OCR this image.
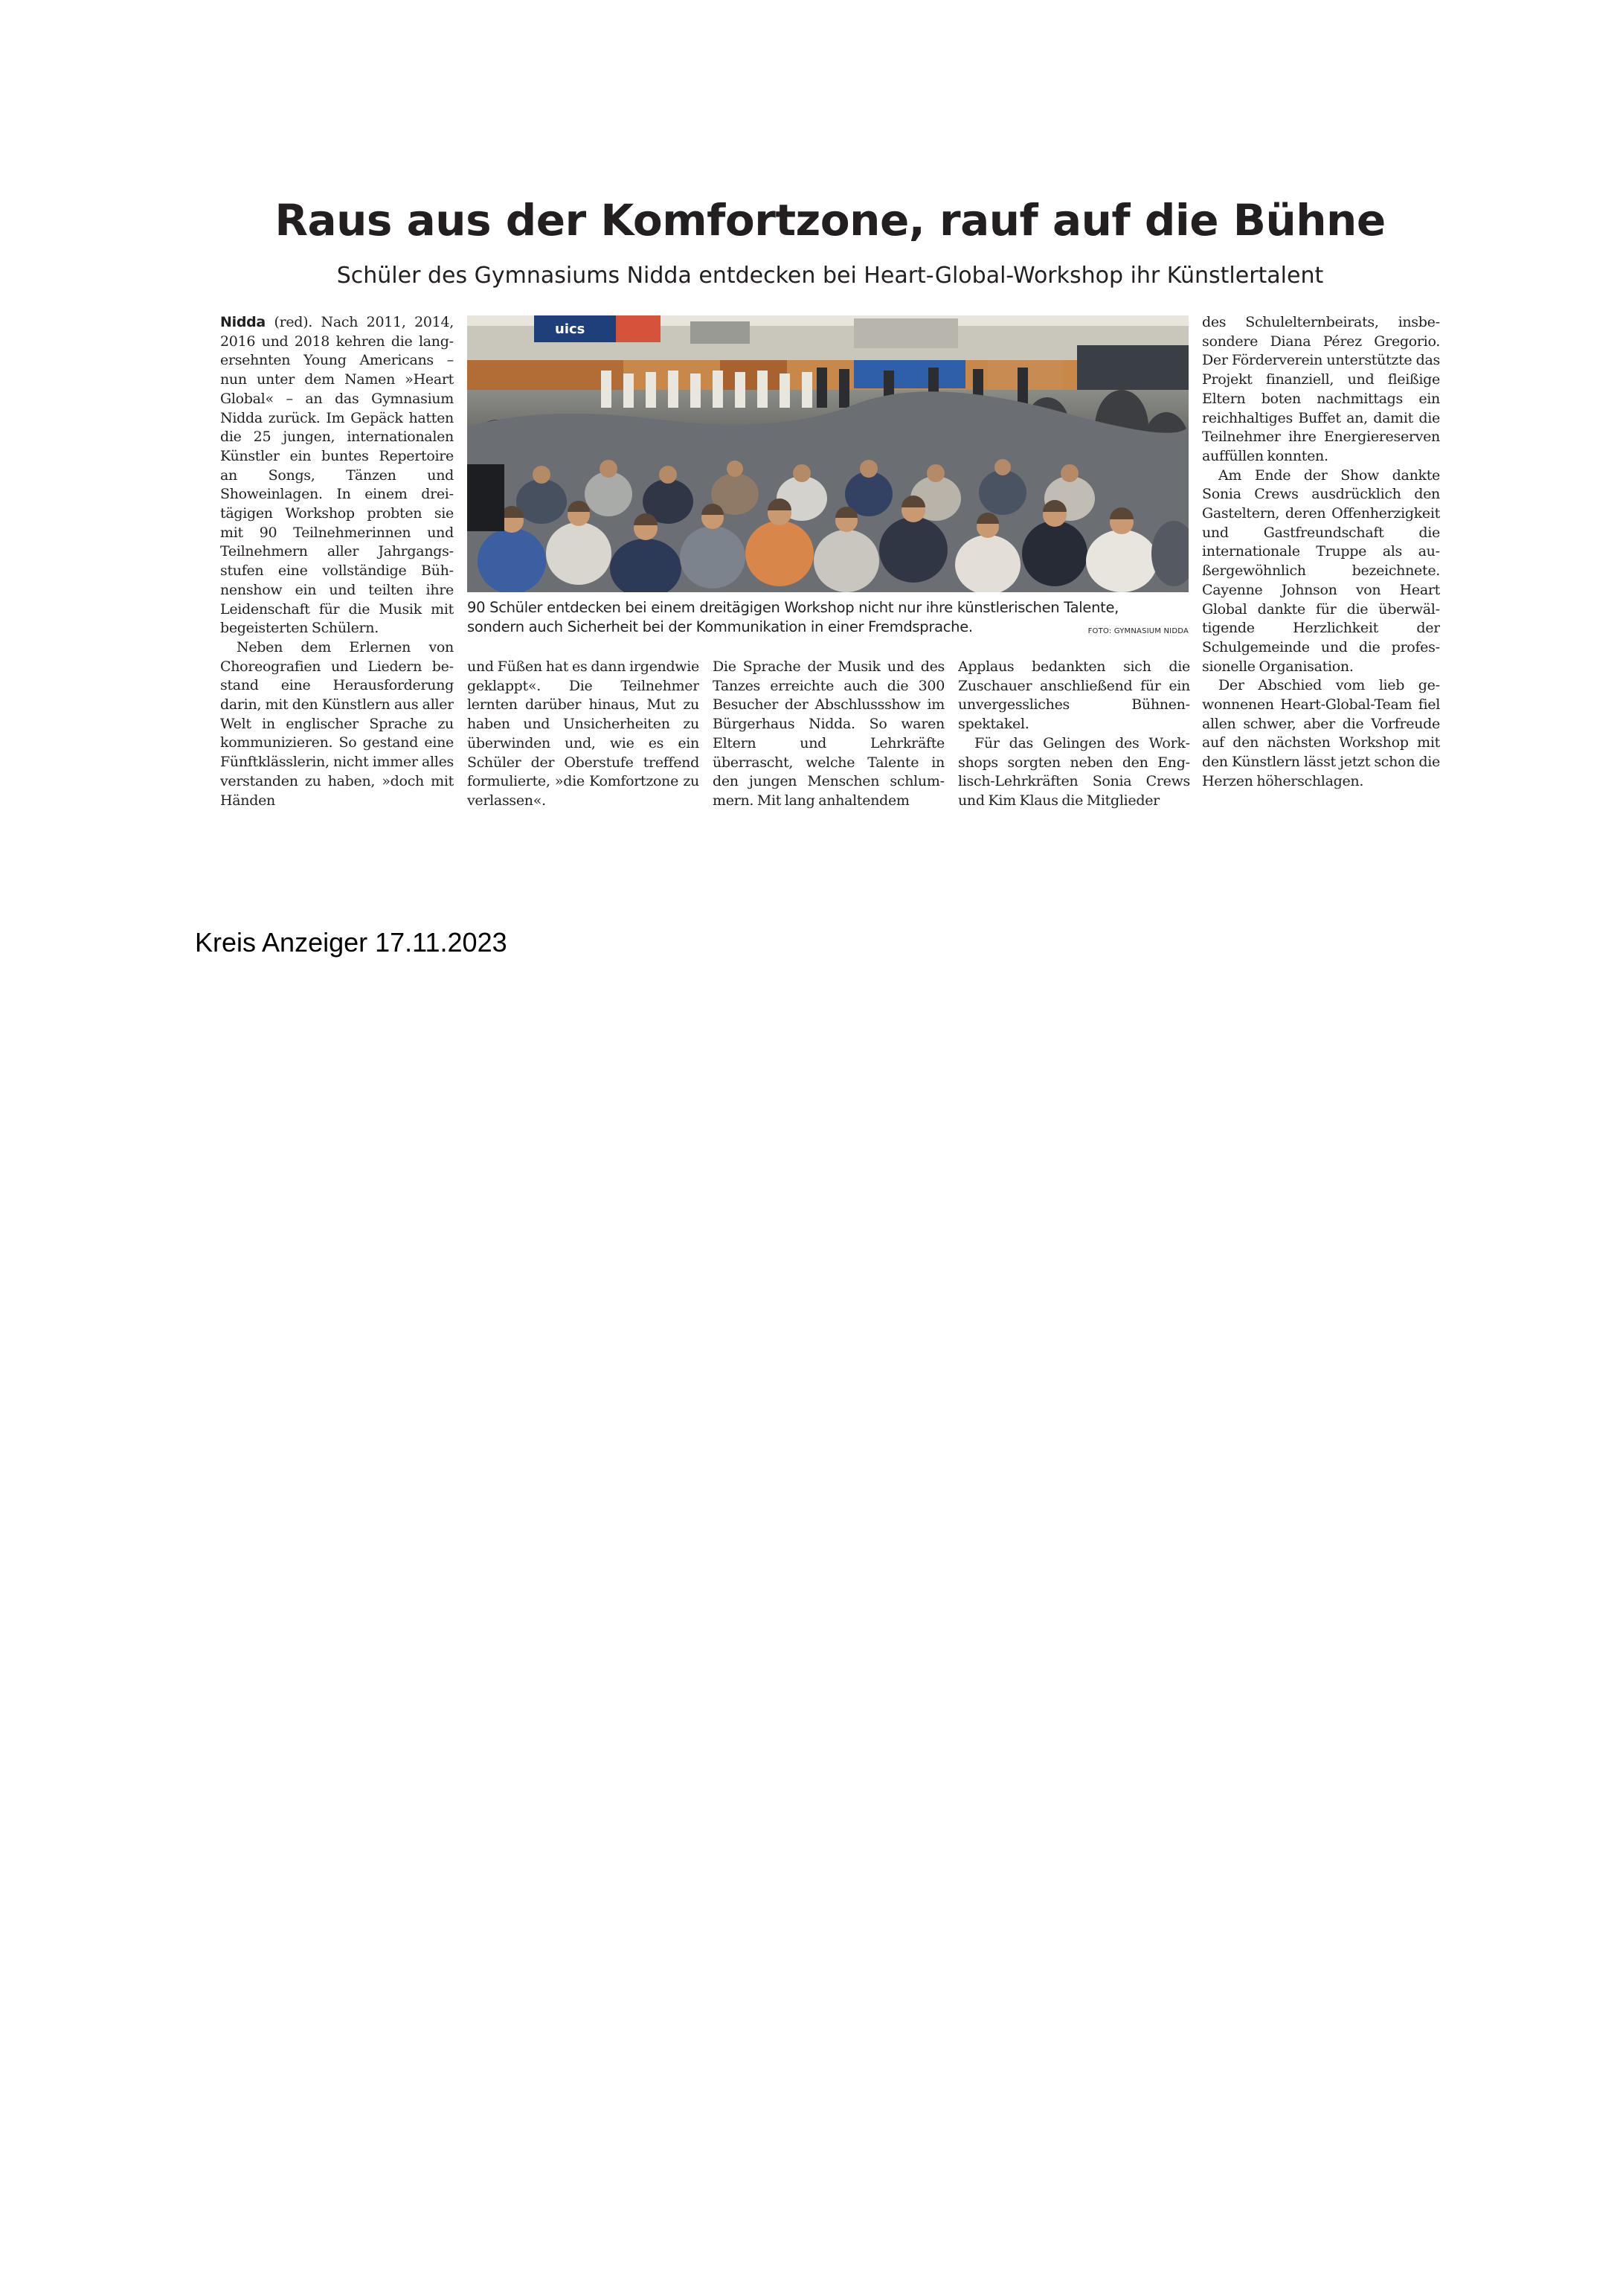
Raus aus der Komfortzone, rauf auf die Bühne
Schüler des Gymnasiums Nidda entdecken bei Heart-Global-Workshop ihr Künstlertalent

Nidda (red). Nach 2011, 2014, 2016 und 2018 kehren die langersehnten Young Americans – nun unter dem Namen »Heart Global« – an das Gymnasium Nidda zurück. Im Gepäck hatten die 25 jungen, internationalen Künstler ein buntes Repertoire an Songs, Tänzen und Showeinlagen. In einem dreitägigen Workshop probten sie mit 90 Teilnehmerinnen und Teilnehmern aller Jahrgangsstufen eine vollständige Bühnenshow ein und teilten ihre Leidenschaft für die Musik mit begeisterten Schülern.

Neben dem Erlernen von Choreografien und Liedern bestand eine Herausforderung darin, mit den Künstlern aus aller Welt in englischer Sprache zu kommunizieren. So gestand eine Fünftklässlerin, nicht immer alles verstanden zu haben, »doch mit Händen

uics
90 Schüler entdecken bei einem dreitägigen Workshop nicht nur ihre künstlerischen Talente,
sondern auch Sicherheit bei der Kommunikation in einer Fremdsprache.	FOTO: GYMNASIUM NIDDA
und Füßen hat es dann irgendwie geklappt«. Die Teilnehmer lernten darüber hinaus, Mut zu haben und Unsicherheiten zu überwinden und, wie es ein Schüler der Oberstufe treffend formulierte, »die Komfortzone zu verlassen«.
Die Sprache der Musik und des Tanzes erreichte auch die 300 Besucher der Abschlussshow im Bürgerhaus Nidda. So waren Eltern und Lehrkräfte überrascht, welche Talente in den jungen Menschen schlummern. Mit lang anhaltendem

Applaus bedankten sich die Zuschauer anschließend für ein unvergessliches Bühnenspektakel.

Für das Gelingen des Workshops sorgten neben den Englisch-Lehrkräften Sonia Crews und Kim Klaus die Mitglieder

des Schulelternbeirats, insbesondere Diana Pérez Gregorio. Der Förderverein unterstützte das Projekt finanziell, und fleißige Eltern boten nachmittags ein reichhaltiges Buffet an, damit die Teilnehmer ihre Energiereserven auffüllen konnten.

Am Ende der Show dankte Sonia Crews ausdrücklich den Gasteltern, deren Offenherzigkeit und Gastfreundschaft die internationale Truppe als außergewöhnlich bezeichnete. Cayenne Johnson von Heart Global dankte für die überwältigende Herzlichkeit der Schulgemeinde und die professionelle Organisation.

Der Abschied vom lieb gewonnenen Heart-Global-Team fiel allen schwer, aber die Vorfreude auf den nächsten Workshop mit den Künstlern lässt jetzt schon die Herzen höherschlagen.

Kreis Anzeiger 17.11.2023
